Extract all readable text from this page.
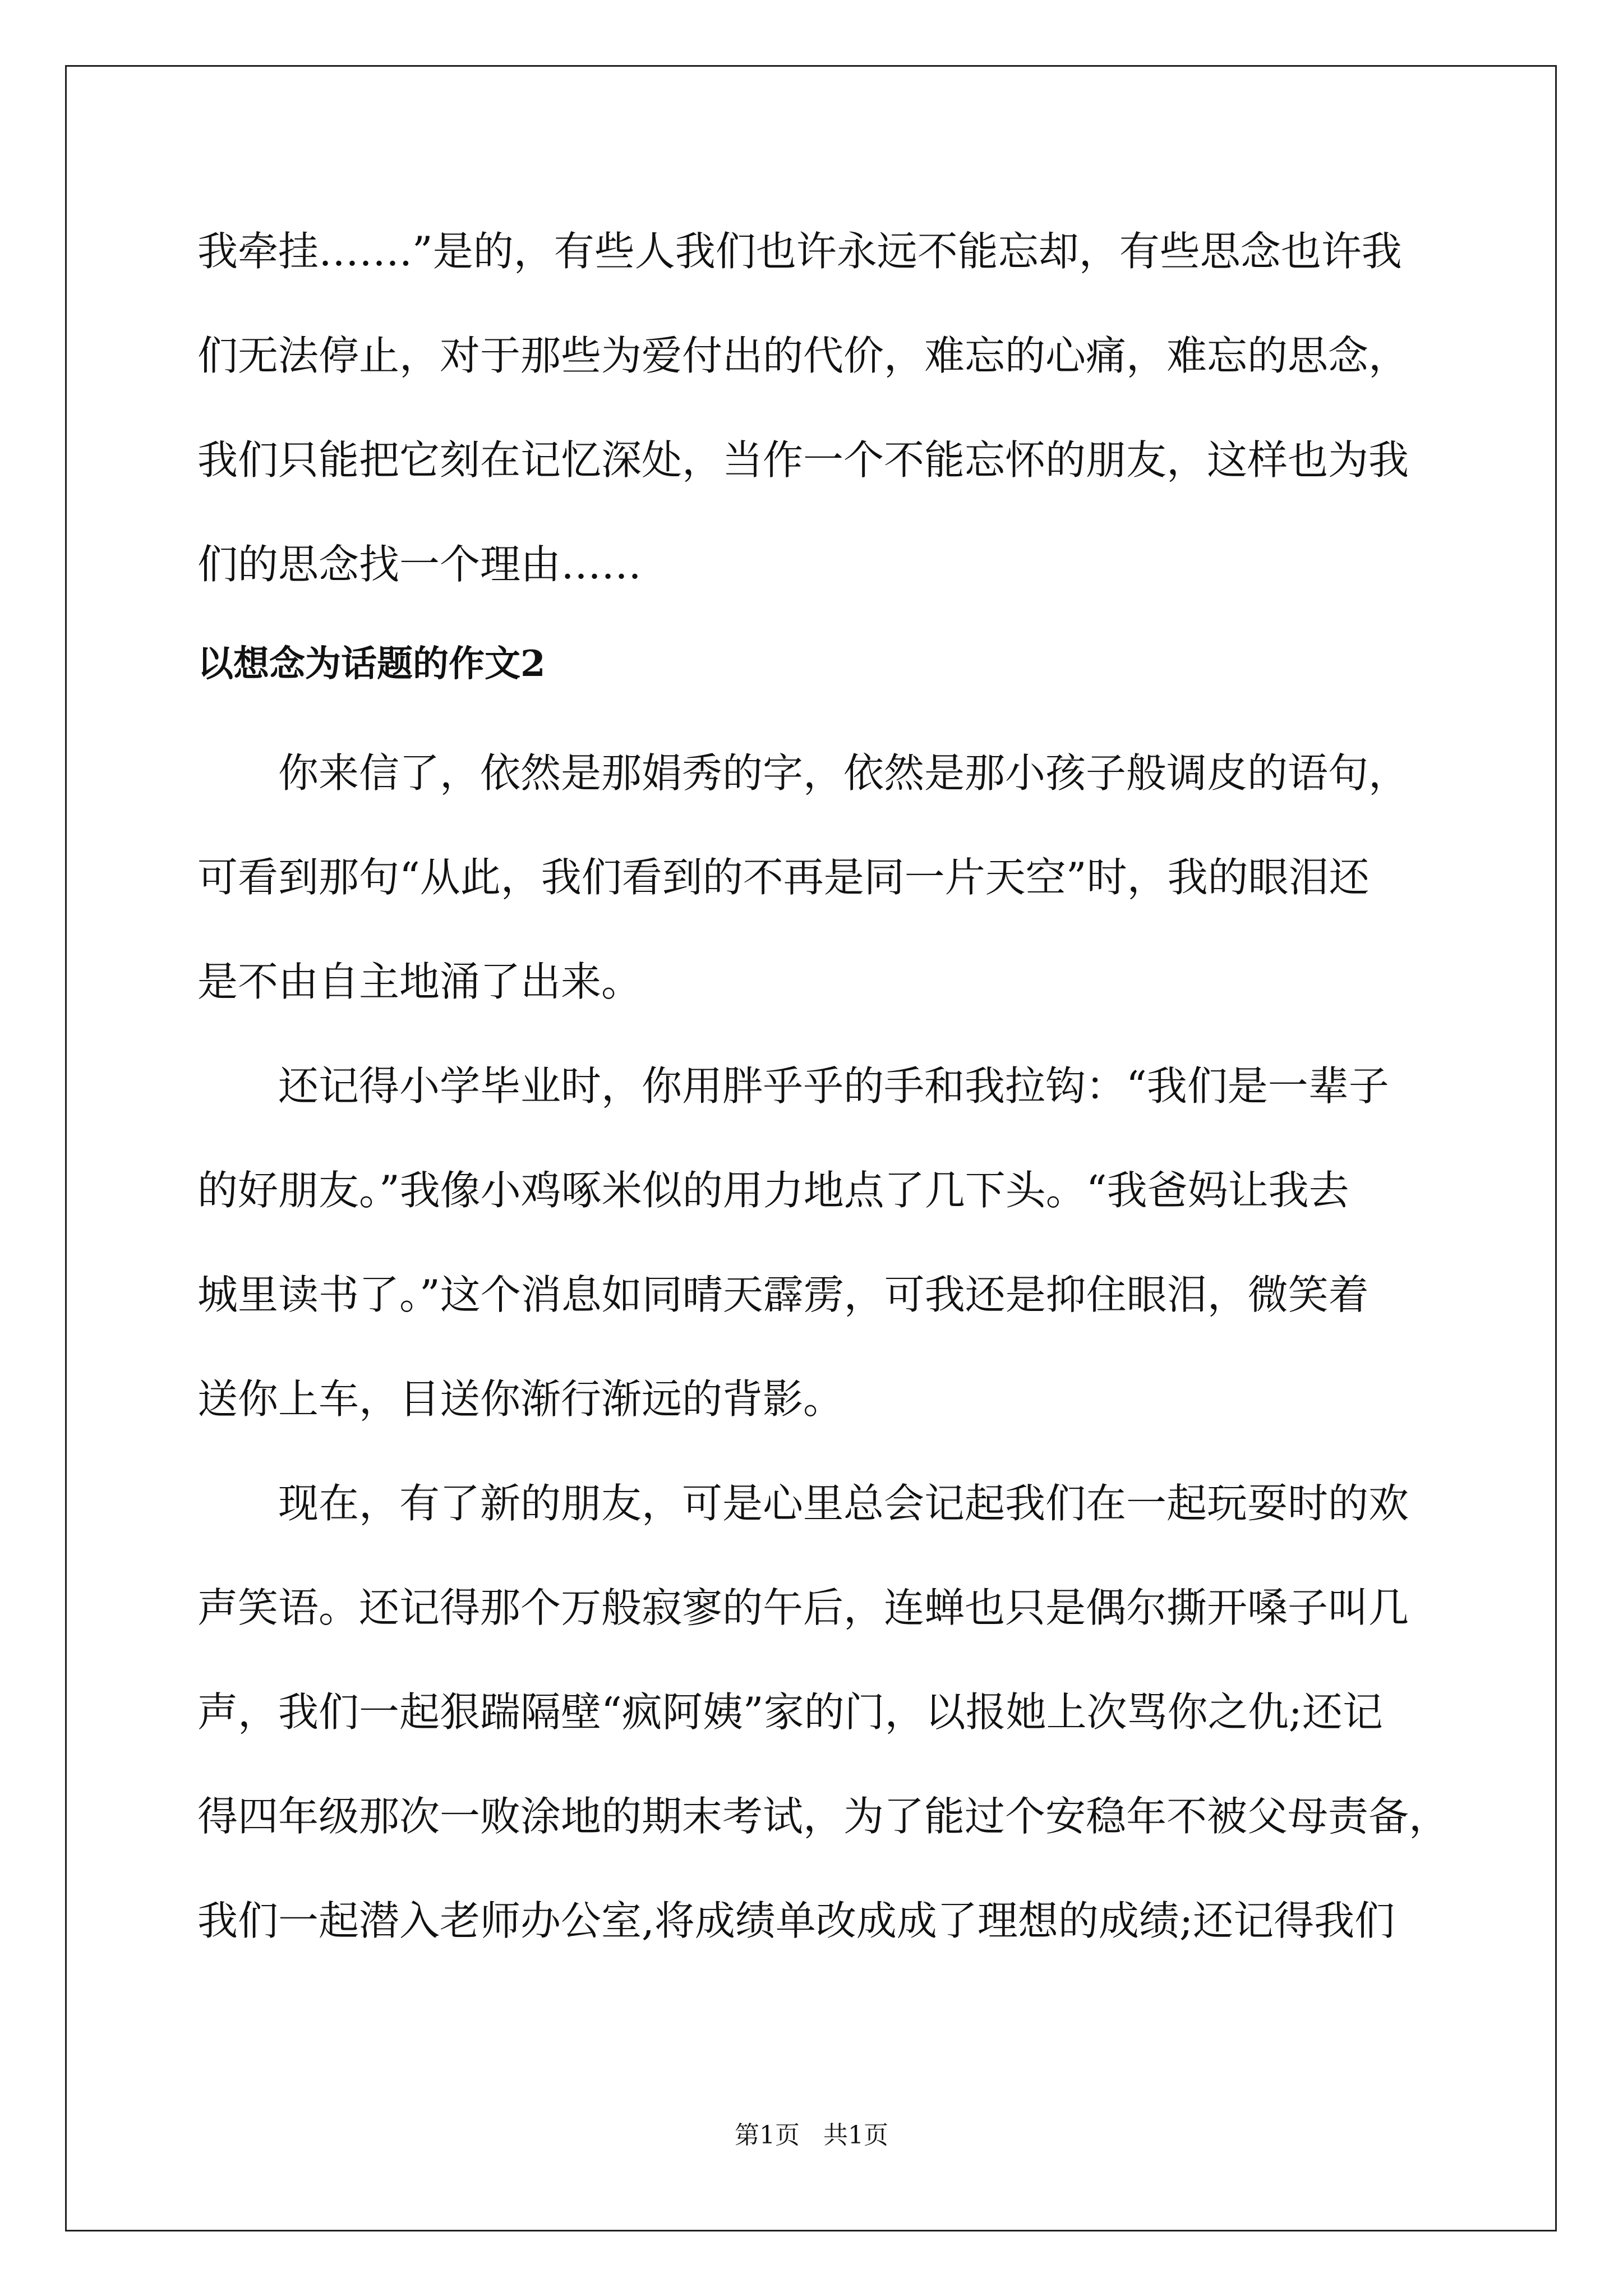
我牵挂…….”是的，有些人我们也许永远不能忘却，有些思念也许我

们无法停止，对于那些为爱付出的代价，难忘的心痛，难忘的思念，

我们只能把它刻在记忆深处，当作一个不能忘怀的朋友，这样也为我

们的思念找一个理由……

以想念为话题的作文2

你来信了，依然是那娟秀的字，依然是那小孩子般调皮的语句，

可看到那句“从此，我们看到的不再是同一片天空”时，我的眼泪还

是不由自主地涌了出来。

还记得小学毕业时，你用胖乎乎的手和我拉钩：“我们是一辈子

的好朋友。”我像小鸡啄米似的用力地点了几下头。“我爸妈让我去

城里读书了。”这个消息如同晴天霹雳，可我还是抑住眼泪，微笑着

送你上车，目送你渐行渐远的背影。

现在，有了新的朋友，可是心里总会记起我们在一起玩耍时的欢

声笑语。还记得那个万般寂寥的午后，连蝉也只是偶尔撕开嗓子叫几

声，我们一起狠踹隔壁“疯阿姨”家的门，以报她上次骂你之仇;还记

得四年级那次一败涂地的期末考试，为了能过个安稳年不被父母责备，

我们一起潜入老师办公室,将成绩单改成成了理想的成绩;还记得我们

第1页 共1页
